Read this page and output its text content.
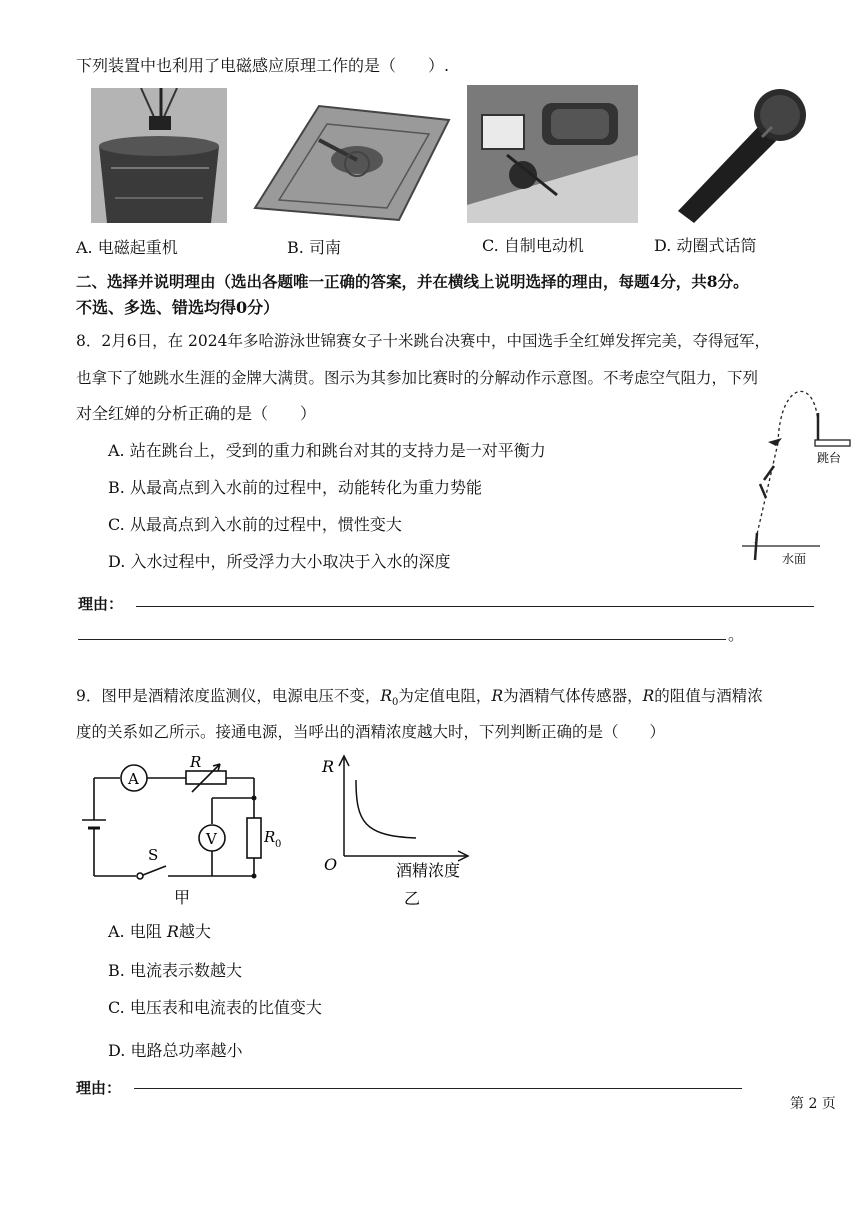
下列装置中也利用了电磁感应原理工作的是（　　）.
A. 电磁起重机	B. 司南	C. 自制电动机	D. 动圈式话筒
二、选择并说明理由（选出各题唯一正确的答案，并在横线上说明选择的理由，每题4分，共8分。
不选、多选、错选均得0分）
8．2月6日，在 2024年多哈游泳世锦赛女子十米跳台决赛中，中国选手全红婵发挥完美，夺得冠军，
也拿下了她跳水生涯的金牌大满贯。图示为其参加比赛时的分解动作示意图。不考虑空气阻力，下列
对全红婵的分析正确的是（　　）
A. 站在跳台上，受到的重力和跳台对其的支持力是一对平衡力
B. 从最高点到入水前的过程中，动能转化为重力势能
C. 从最高点到入水前的过程中，惯性变大
D. 入水过程中，所受浮力大小取决于入水的深度
跳台
水面
理由：
。
9．图甲是酒精浓度监测仪，电源电压不变，$R_0$为定值电阻，R为酒精气体传感器，R的阻值与酒精浓
度的关系如乙所示。接通电源，当呼出的酒精浓度越大时，下列判断正确的是（　　）
A
V
R
R 0
S
甲
R
O	酒精浓度
乙
A. 电阻 R越大
B. 电流表示数越大
C. 电压表和电流表的比值变大
D. 电路总功率越小
理由：
第 2 页
